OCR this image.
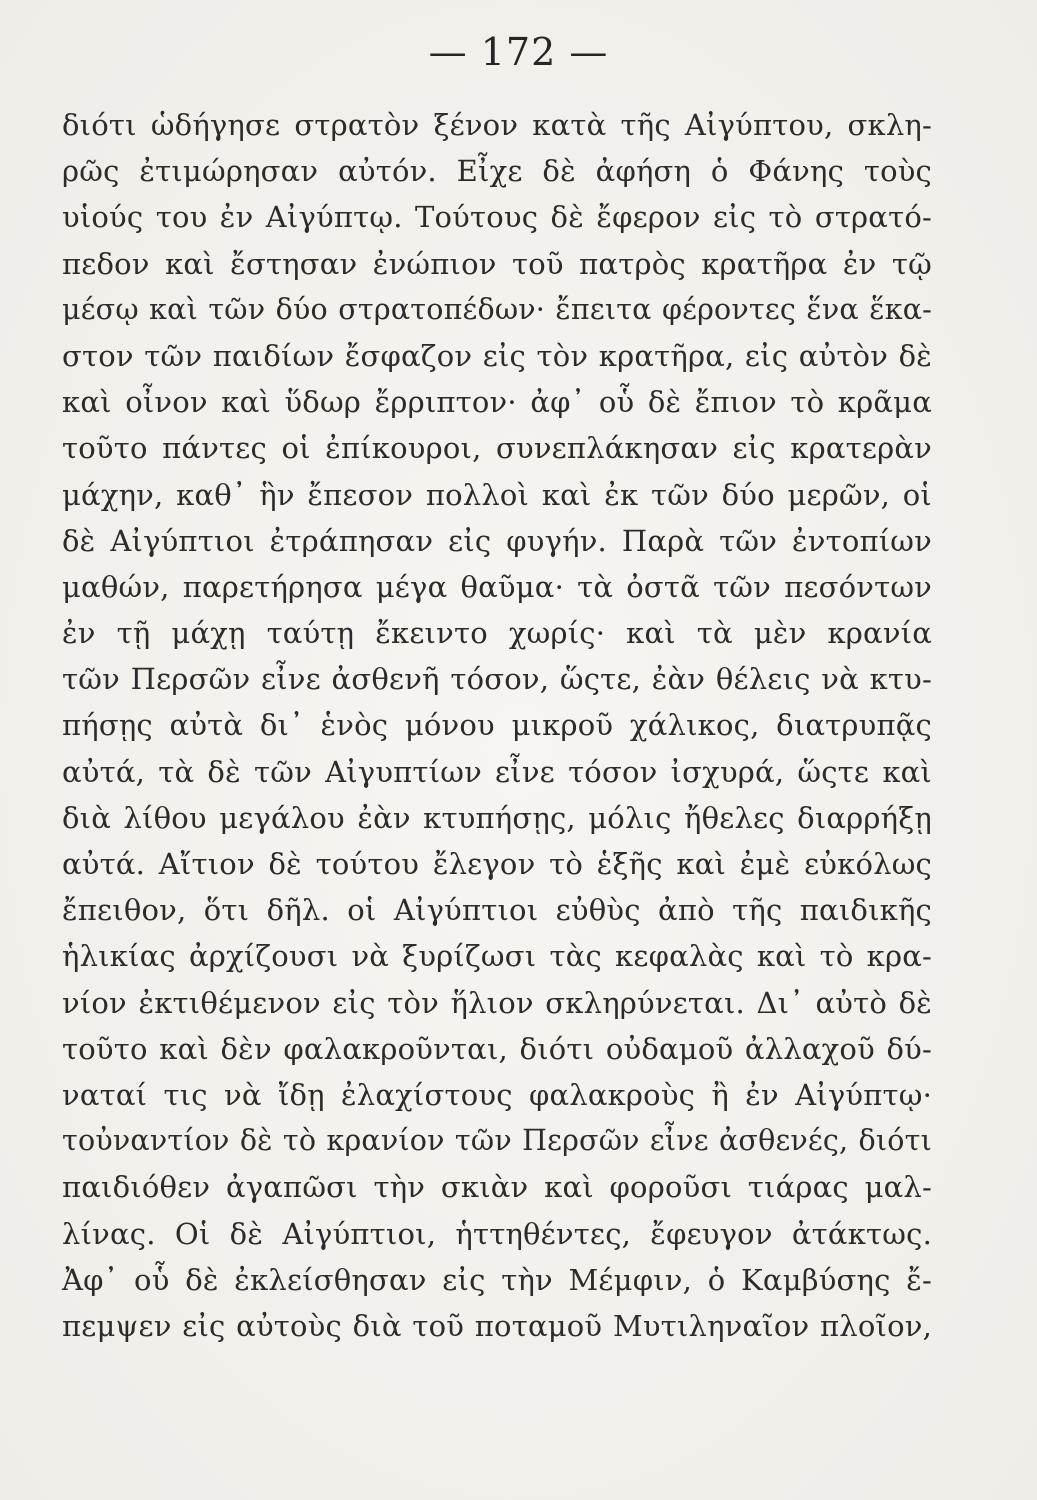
— 172 —
διότι ὡδήγησε στρατὸν ξένον κατὰ τῆς Αἰγύπτου, σκλη-
ρῶς ἐτιμώρησαν αὐτόν. Εἶχε δὲ ἀφήση ὁ Φάνης τοὺς
υἱούς του ἐν Αἰγύπτῳ. Τούτους δὲ ἔφερον εἰς τὸ στρατό-
πεδον καὶ ἔστησαν ἐνώπιον τοῦ πατρὸς κρατῆρα ἐν τῷ
μέσῳ καὶ τῶν δύο στρατοπέδων· ἔπειτα φέροντες ἕνα ἕκα-
στον τῶν παιδίων ἔσφαζον εἰς τὸν κρατῆρα, εἰς αὐτὸν δὲ
καὶ οἶνον καὶ ὕδωρ ἔρριπτον· ἀφ᾽ οὗ δὲ ἔπιον τὸ κρᾶμα
τοῦτο πάντες οἱ ἐπίκουροι, συνεπλάκησαν εἰς κρατερὰν
μάχην, καθ᾽ ἣν ἔπεσον πολλοὶ καὶ ἐκ τῶν δύο μερῶν, οἱ
δὲ Αἰγύπτιοι ἐτράπησαν εἰς φυγήν. Παρὰ τῶν ἐντοπίων
μαθών, παρετήρησα μέγα θαῦμα· τὰ ὀστᾶ τῶν πεσόντων
ἐν τῇ μάχῃ ταύτῃ ἔκειντο χωρίς· καὶ τὰ μὲν κρανία
τῶν Περσῶν εἶνε ἀσθενῆ τόσον, ὥςτε, ἐὰν θέλεις νὰ κτυ-
πήσῃς αὐτὰ δι᾽ ἑνὸς μόνου μικροῦ χάλικος, διατρυπᾷς
αὐτά, τὰ δὲ τῶν Αἰγυπτίων εἶνε τόσον ἰσχυρά, ὥςτε καὶ
διὰ λίθου μεγάλου ἐὰν κτυπήσῃς, μόλις ἤθελες διαρρήξῃ
αὐτά. Αἴτιον δὲ τούτου ἔλεγον τὸ ἑξῆς καὶ ἐμὲ εὐκόλως
ἔπειθον, ὅτι δῆλ. οἱ Αἰγύπτιοι εὐθὺς ἀπὸ τῆς παιδικῆς
ἡλικίας ἀρχίζουσι νὰ ξυρίζωσι τὰς κεφαλὰς καὶ τὸ κρα-
νίον ἐκτιθέμενον εἰς τὸν ἥλιον σκληρύνεται. Δι᾽ αὐτὸ δὲ
τοῦτο καὶ δὲν φαλακροῦνται, διότι οὐδαμοῦ ἀλλαχοῦ δύ-
ναταί τις νὰ ἴδῃ ἐλαχίστους φαλακροὺς ἢ ἐν Αἰγύπτῳ·
τοὐναντίον δὲ τὸ κρανίον τῶν Περσῶν εἶνε ἀσθενές, διότι
παιδιόθεν ἀγαπῶσι τὴν σκιὰν καὶ φοροῦσι τιάρας μαλ-
λίνας. Οἱ δὲ Αἰγύπτιοι, ἡττηθέντες, ἔφευγον ἀτάκτως.
Ἀφ᾽ οὗ δὲ ἐκλείσθησαν εἰς τὴν Μέμφιν, ὁ Καμβύσης ἔ-
πεμψεν εἰς αὐτοὺς διὰ τοῦ ποταμοῦ Μυτιληναῖον πλοῖον,
